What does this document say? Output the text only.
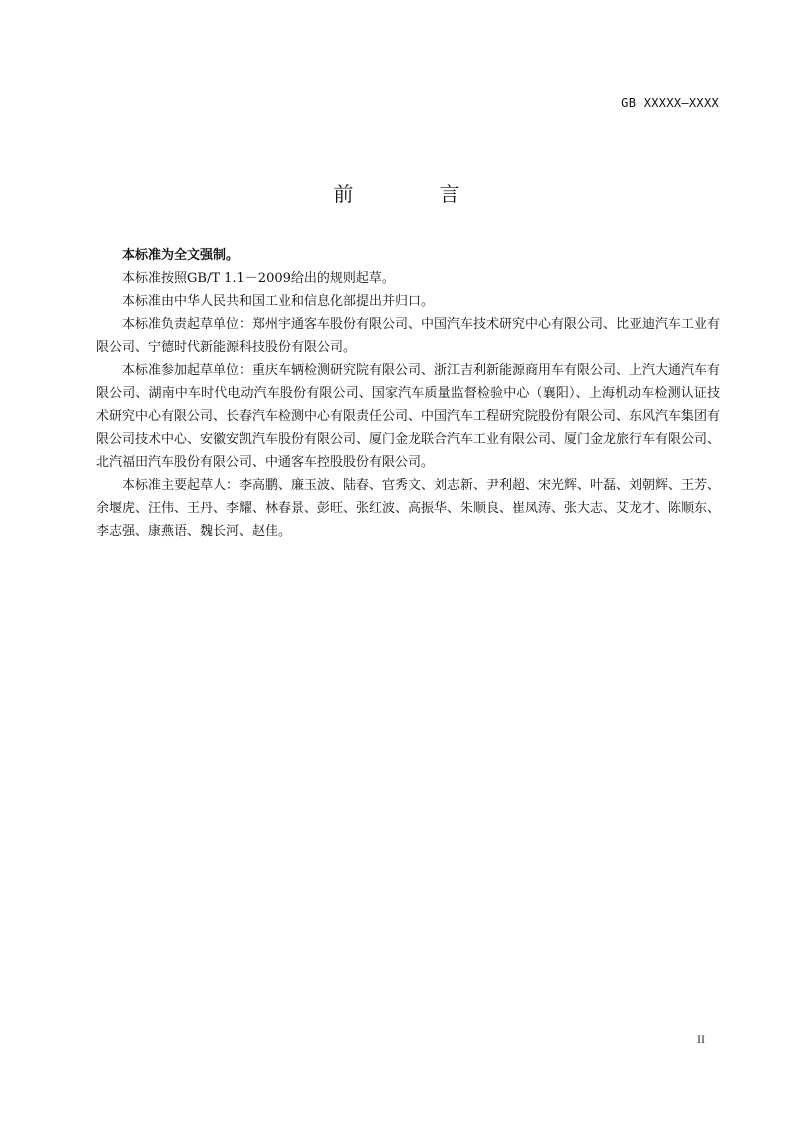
GB XXXXX—XXXX
前 言

本标准为全文强制。

本标准按照GB/T 1.1－2009给出的规则起草。

本标准由中华人民共和国工业和信息化部提出并归口。

本标准负责起草单位：郑州宇通客车股份有限公司、中国汽车技术研究中心有限公司、比亚迪汽车工业有限公司、宁德时代新能源科技股份有限公司。

本标准参加起草单位：重庆车辆检测研究院有限公司、浙江吉利新能源商用车有限公司、上汽大通汽车有限公司、湖南中车时代电动汽车股份有限公司、国家汽车质量监督检验中心（襄阳）、上海机动车检测认证技术研究中心有限公司、长春汽车检测中心有限责任公司、中国汽车工程研究院股份有限公司、东风汽车集团有限公司技术中心、安徽安凯汽车股份有限公司、厦门金龙联合汽车工业有限公司、厦门金龙旅行车有限公司、北汽福田汽车股份有限公司、中通客车控股股份有限公司。

本标准主要起草人：李高鹏、廉玉波、陆春、官秀文、刘志新、尹利超、宋光辉、叶磊、刘朝辉、王芳、余堰虎、汪伟、王丹、李耀、林春景、彭旺、张红波、高振华、朱顺良、崔凤涛、张大志、艾龙才、陈顺东、李志强、康燕语、魏长河、赵佳。

II
